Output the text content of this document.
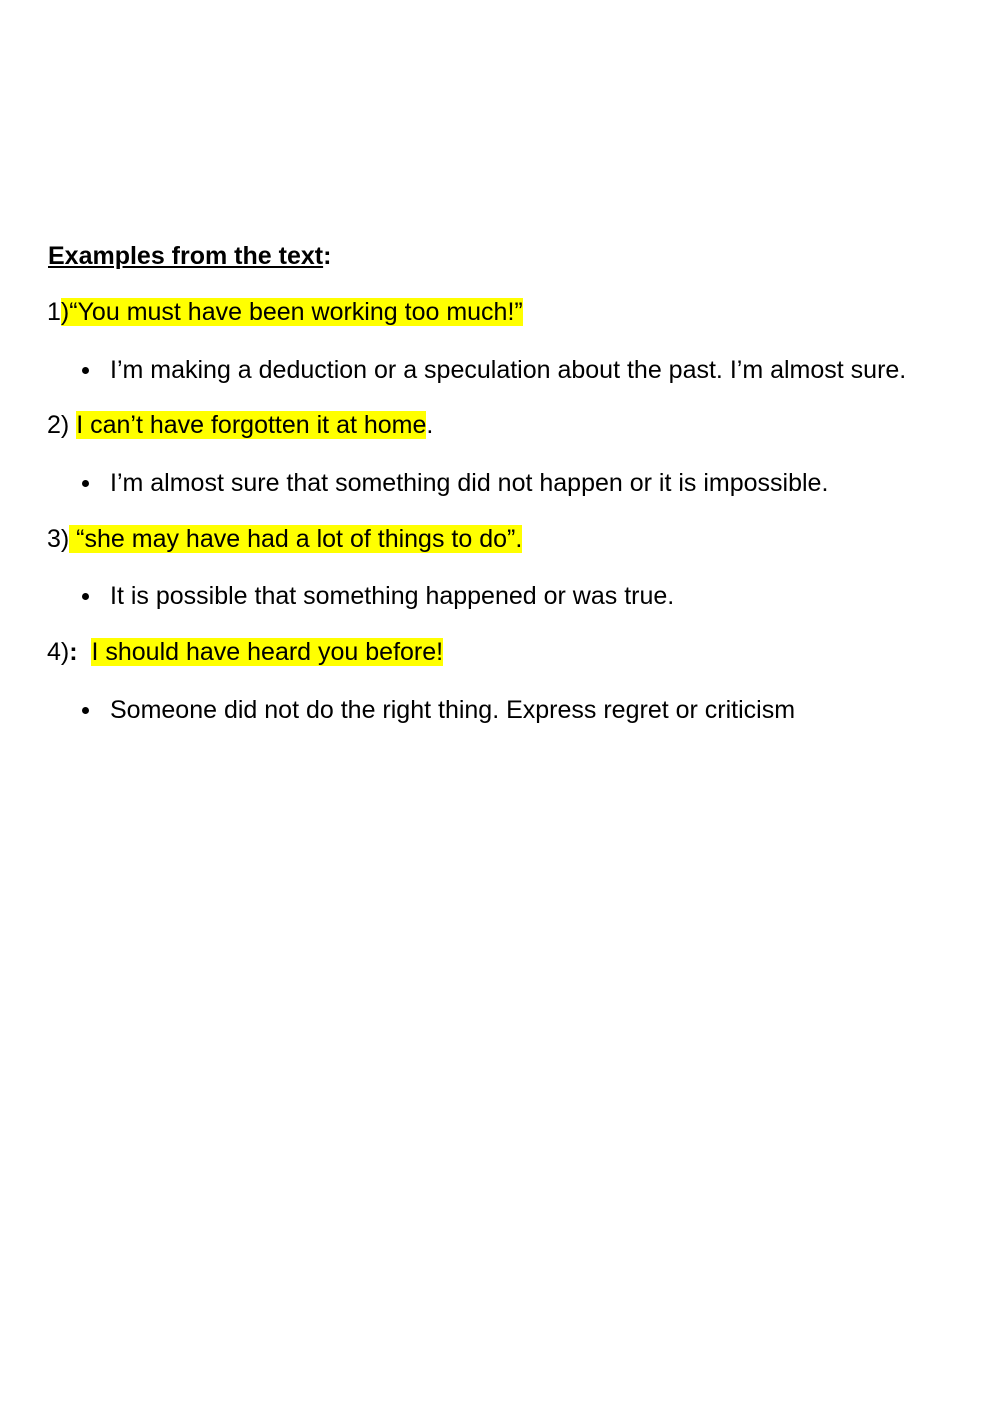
Examples from the text:
1)“You must have been working too much!”
I’m making a deduction or a speculation about the past. I’m almost sure.
2) I can’t have forgotten it at home.
I’m almost sure that something did not happen or it is impossible.
3) “she may have had a lot of things to do”.
It is possible that something happened or was true.
4): I should have heard you before!
Someone did not do the right thing. Express regret or criticism
